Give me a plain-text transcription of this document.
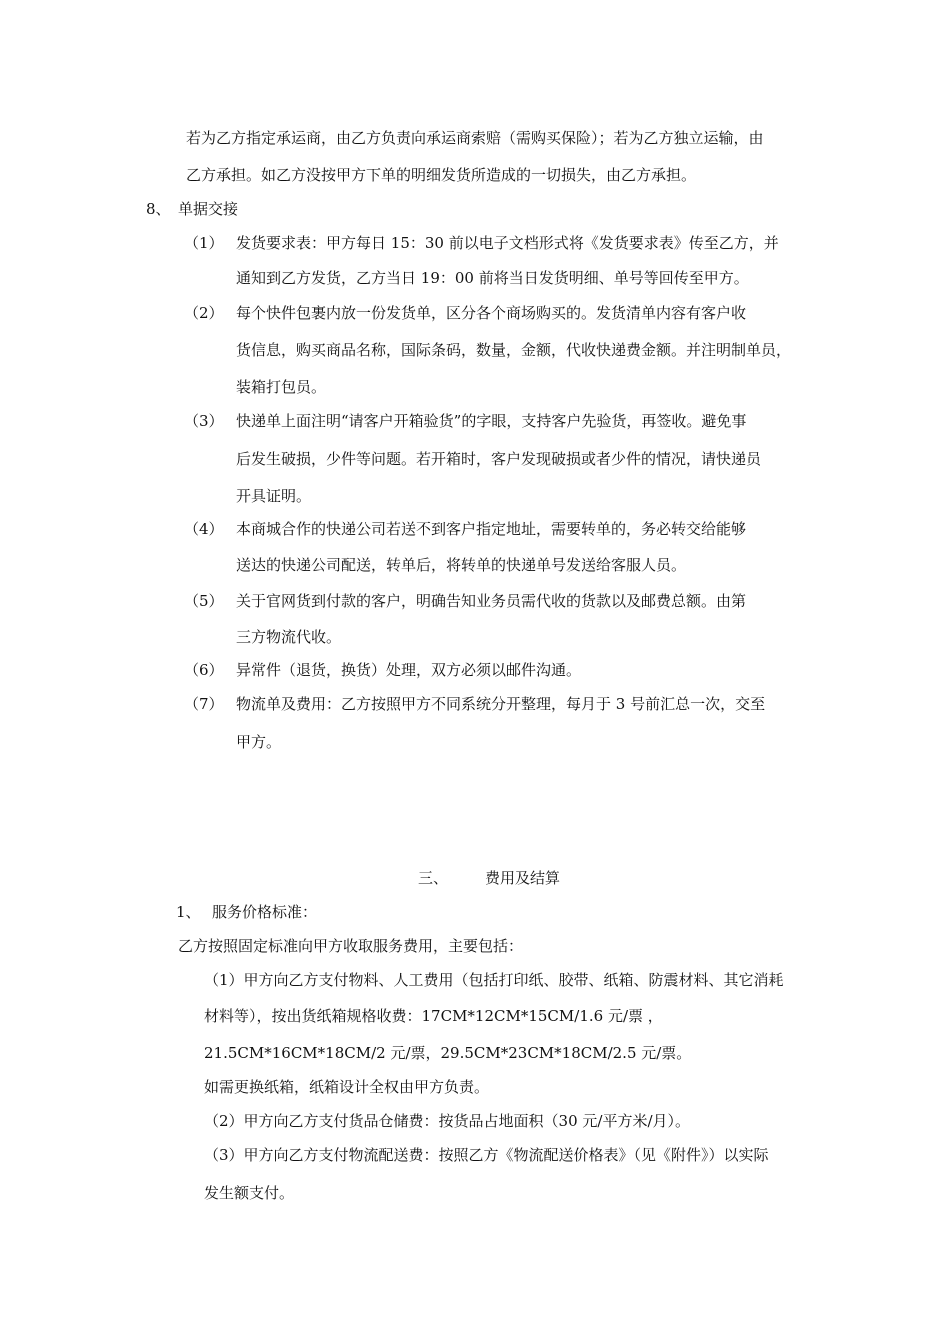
若为乙方指定承运商，由乙方负责向承运商索赔（需购买保险）；若为乙方独立运输，由
乙方承担。如乙方没按甲方下单的明细发货所造成的一切损失，由乙方承担。
8、 单据交接
（1） 发货要求表：甲方每日 15：30 前以电子文档形式将《发货要求表》传至乙方，并
通知到乙方发货，乙方当日 19：00 前将当日发货明细、单号等回传至甲方。
（2） 每个快件包裹内放一份发货单，区分各个商场购买的。发货清单内容有客户收
货信息，购买商品名称，国际条码，数量，金额，代收快递费金额。并注明制单员，
装箱打包员。
（3） 快递单上面注明“请客户开箱验货”的字眼，支持客户先验货，再签收。避免事
后发生破损，少件等问题。若开箱时，客户发现破损或者少件的情况，请快递员
开具证明。
（4） 本商城合作的快递公司若送不到客户指定地址，需要转单的，务必转交给能够
送达的快递公司配送，转单后，将转单的快递单号发送给客服人员。
（5） 关于官网货到付款的客户，明确告知业务员需代收的货款以及邮费总额。由第
三方物流代收。
（6） 异常件（退货，换货）处理，双方必须以邮件沟通。
（7） 物流单及费用：乙方按照甲方不同系统分开整理，每月于 3 号前汇总一次，交至
甲方。
三、 费用及结算
1、 服务价格标准：
乙方按照固定标准向甲方收取服务费用，主要包括：
（1）甲方向乙方支付物料、人工费用（包括打印纸、胶带、纸箱、防震材料、其它消耗
材料等），按出货纸箱规格收费：17CM*12CM*15CM/1.6 元/票 ，
21.5CM*16CM*18CM/2 元/票，29.5CM*23CM*18CM/2.5 元/票。
如需更换纸箱，纸箱设计全权由甲方负责。
（2）甲方向乙方支付货品仓储费：按货品占地面积（30 元/平方米/月）。
（3）甲方向乙方支付物流配送费：按照乙方《物流配送价格表》（见《附件》）以实际
发生额支付。
